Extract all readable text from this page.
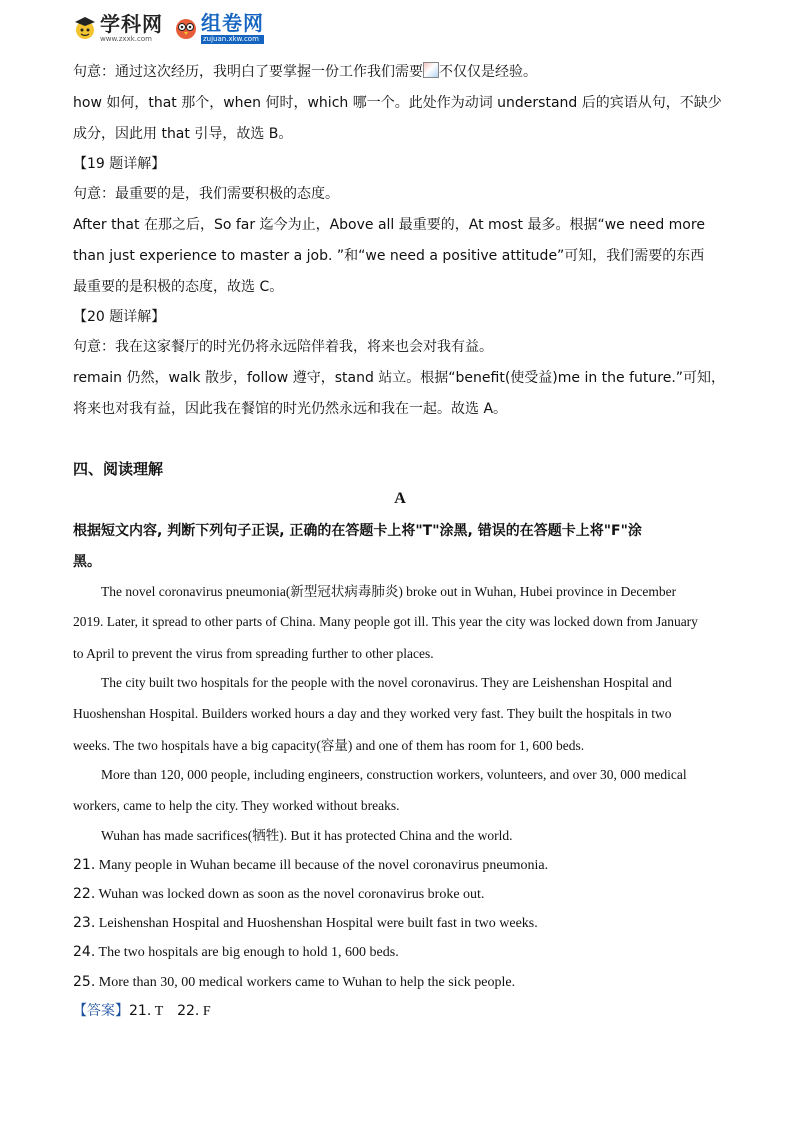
学科网
www.zxxk.com
组卷网
zujuan.xkw.com
句意：通过这次经历，我明白了要掌握一份工作我们需要 不仅仅是经验。
how 如何，that 那个，when 何时，which 哪一个。此处作为动词 understand 后的宾语从句，不缺少
成分，因此用 that 引导，故选 B。
【19 题详解】
句意：最重要的是，我们需要积极的态度。
After that 在那之后，So far 迄今为止，Above all 最重要的，At most 最多。根据“we need more
than just experience to master a job. ”和“we need a positive attitude”可知，我们需要的东西
最重要的是积极的态度，故选 C。
【20 题详解】
句意：我在这家餐厅的时光仍将永远陪伴着我，将来也会对我有益。
remain 仍然，walk 散步，follow 遵守，stand 站立。根据“benefit(使受益)me in the future.”可知，
将来也对我有益，因此我在餐馆的时光仍然永远和我在一起。故选 A。
四、阅读理解
A
根据短文内容, 判断下列句子正误, 正确的在答题卡上将"T"涂黑, 错误的在答题卡上将"F"涂
黑。
The novel coronavirus pneumonia(新型冠状病毒肺炎) broke out in Wuhan, Hubei province in December
2019. Later, it spread to other parts of China. Many people got ill. This year the city was locked down from January
to April to prevent the virus from spreading further to other places.
The city built two hospitals for the people with the novel coronavirus. They are Leishenshan Hospital and
Huoshenshan Hospital. Builders worked hours a day and they worked very fast. They built the hospitals in two
weeks. The two hospitals have a big capacity(容量) and one of them has room for 1, 600 beds.
More than 120, 000 people, including engineers, construction workers, volunteers, and over 30, 000 medical
workers, came to help the city. They worked without breaks.
Wuhan has made sacrifices(牺牲). But it has protected China and the world.
21. Many people in Wuhan became ill because of the novel coronavirus pneumonia.
22. Wuhan was locked down as soon as the novel coronavirus broke out.
23. Leishenshan Hospital and Huoshenshan Hospital were built fast in two weeks.
24. The two hospitals are big enough to hold 1, 600 beds.
25. More than 30, 00 medical workers came to Wuhan to help the sick people.
【答案】21. T 22. F
